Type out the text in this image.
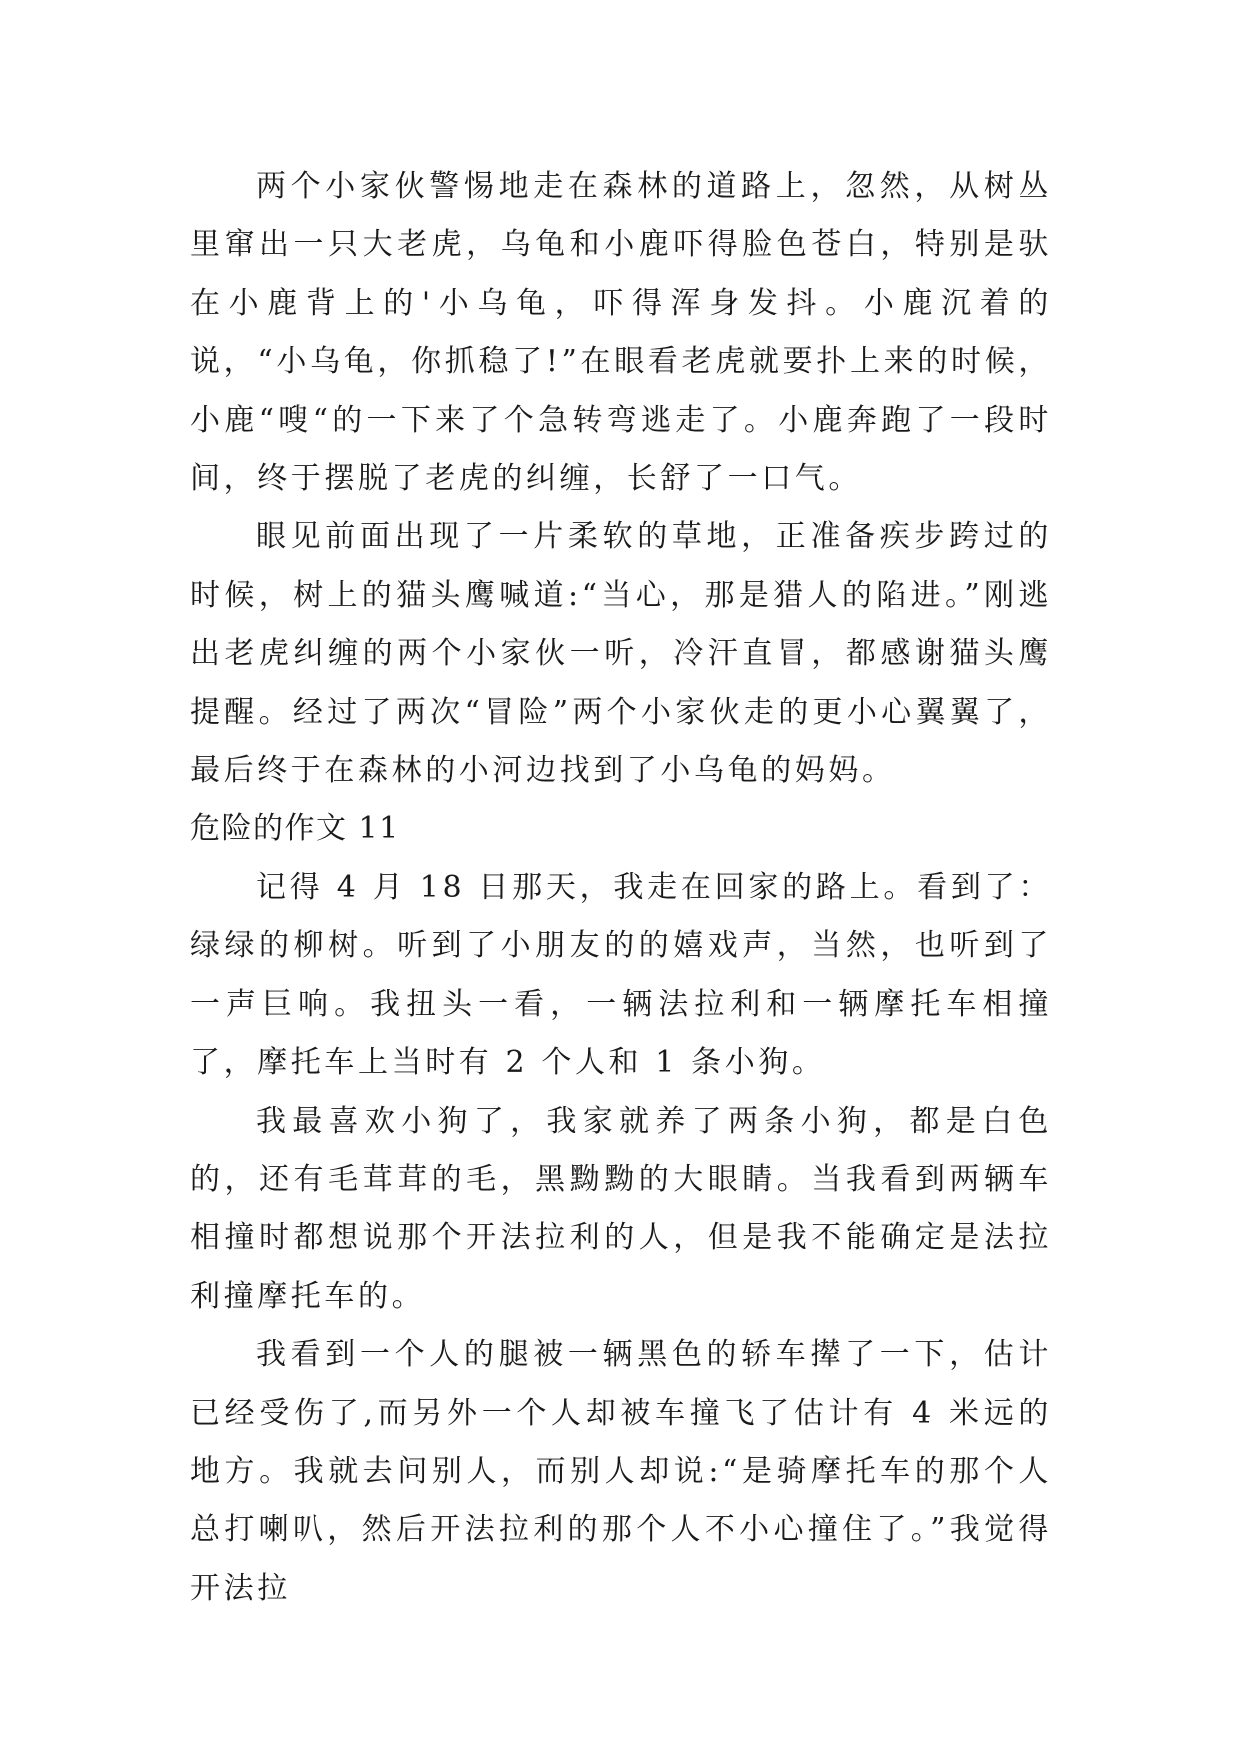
两个小家伙警惕地走在森林的道路上，忽然，从树丛里窜出一只大老虎，乌龟和小鹿吓得脸色苍白，特别是驮在小鹿背上的'小乌龟，吓得浑身发抖。小鹿沉着的说，“小乌龟，你抓稳了!”在眼看老虎就要扑上来的时候，小鹿“嗖“的一下来了个急转弯逃走了。小鹿奔跑了一段时间，终于摆脱了老虎的纠缠，长舒了一口气。

眼见前面出现了一片柔软的草地，正准备疾步跨过的时候，树上的猫头鹰喊道:“当心，那是猎人的陷进。”刚逃出老虎纠缠的两个小家伙一听，冷汗直冒，都感谢猫头鹰提醒。经过了两次“冒险”两个小家伙走的更小心翼翼了，最后终于在森林的小河边找到了小乌龟的妈妈。

危险的作文 11

记得 4 月 18 日那天，我走在回家的路上。看到了：绿绿的柳树。听到了小朋友的的嬉戏声，当然，也听到了一声巨响。我扭头一看，一辆法拉利和一辆摩托车相撞了，摩托车上当时有 2 个人和 1 条小狗。

我最喜欢小狗了，我家就养了两条小狗，都是白色的，还有毛茸茸的毛，黑黝黝的大眼睛。当我看到两辆车相撞时都想说那个开法拉利的人，但是我不能确定是法拉利撞摩托车的。

我看到一个人的腿被一辆黑色的轿车撵了一下，估计已经受伤了,而另外一个人却被车撞飞了估计有 4 米远的地方。我就去问别人，而别人却说:“是骑摩托车的那个人总打喇叭，然后开法拉利的那个人不小心撞住了。”我觉得开法拉
